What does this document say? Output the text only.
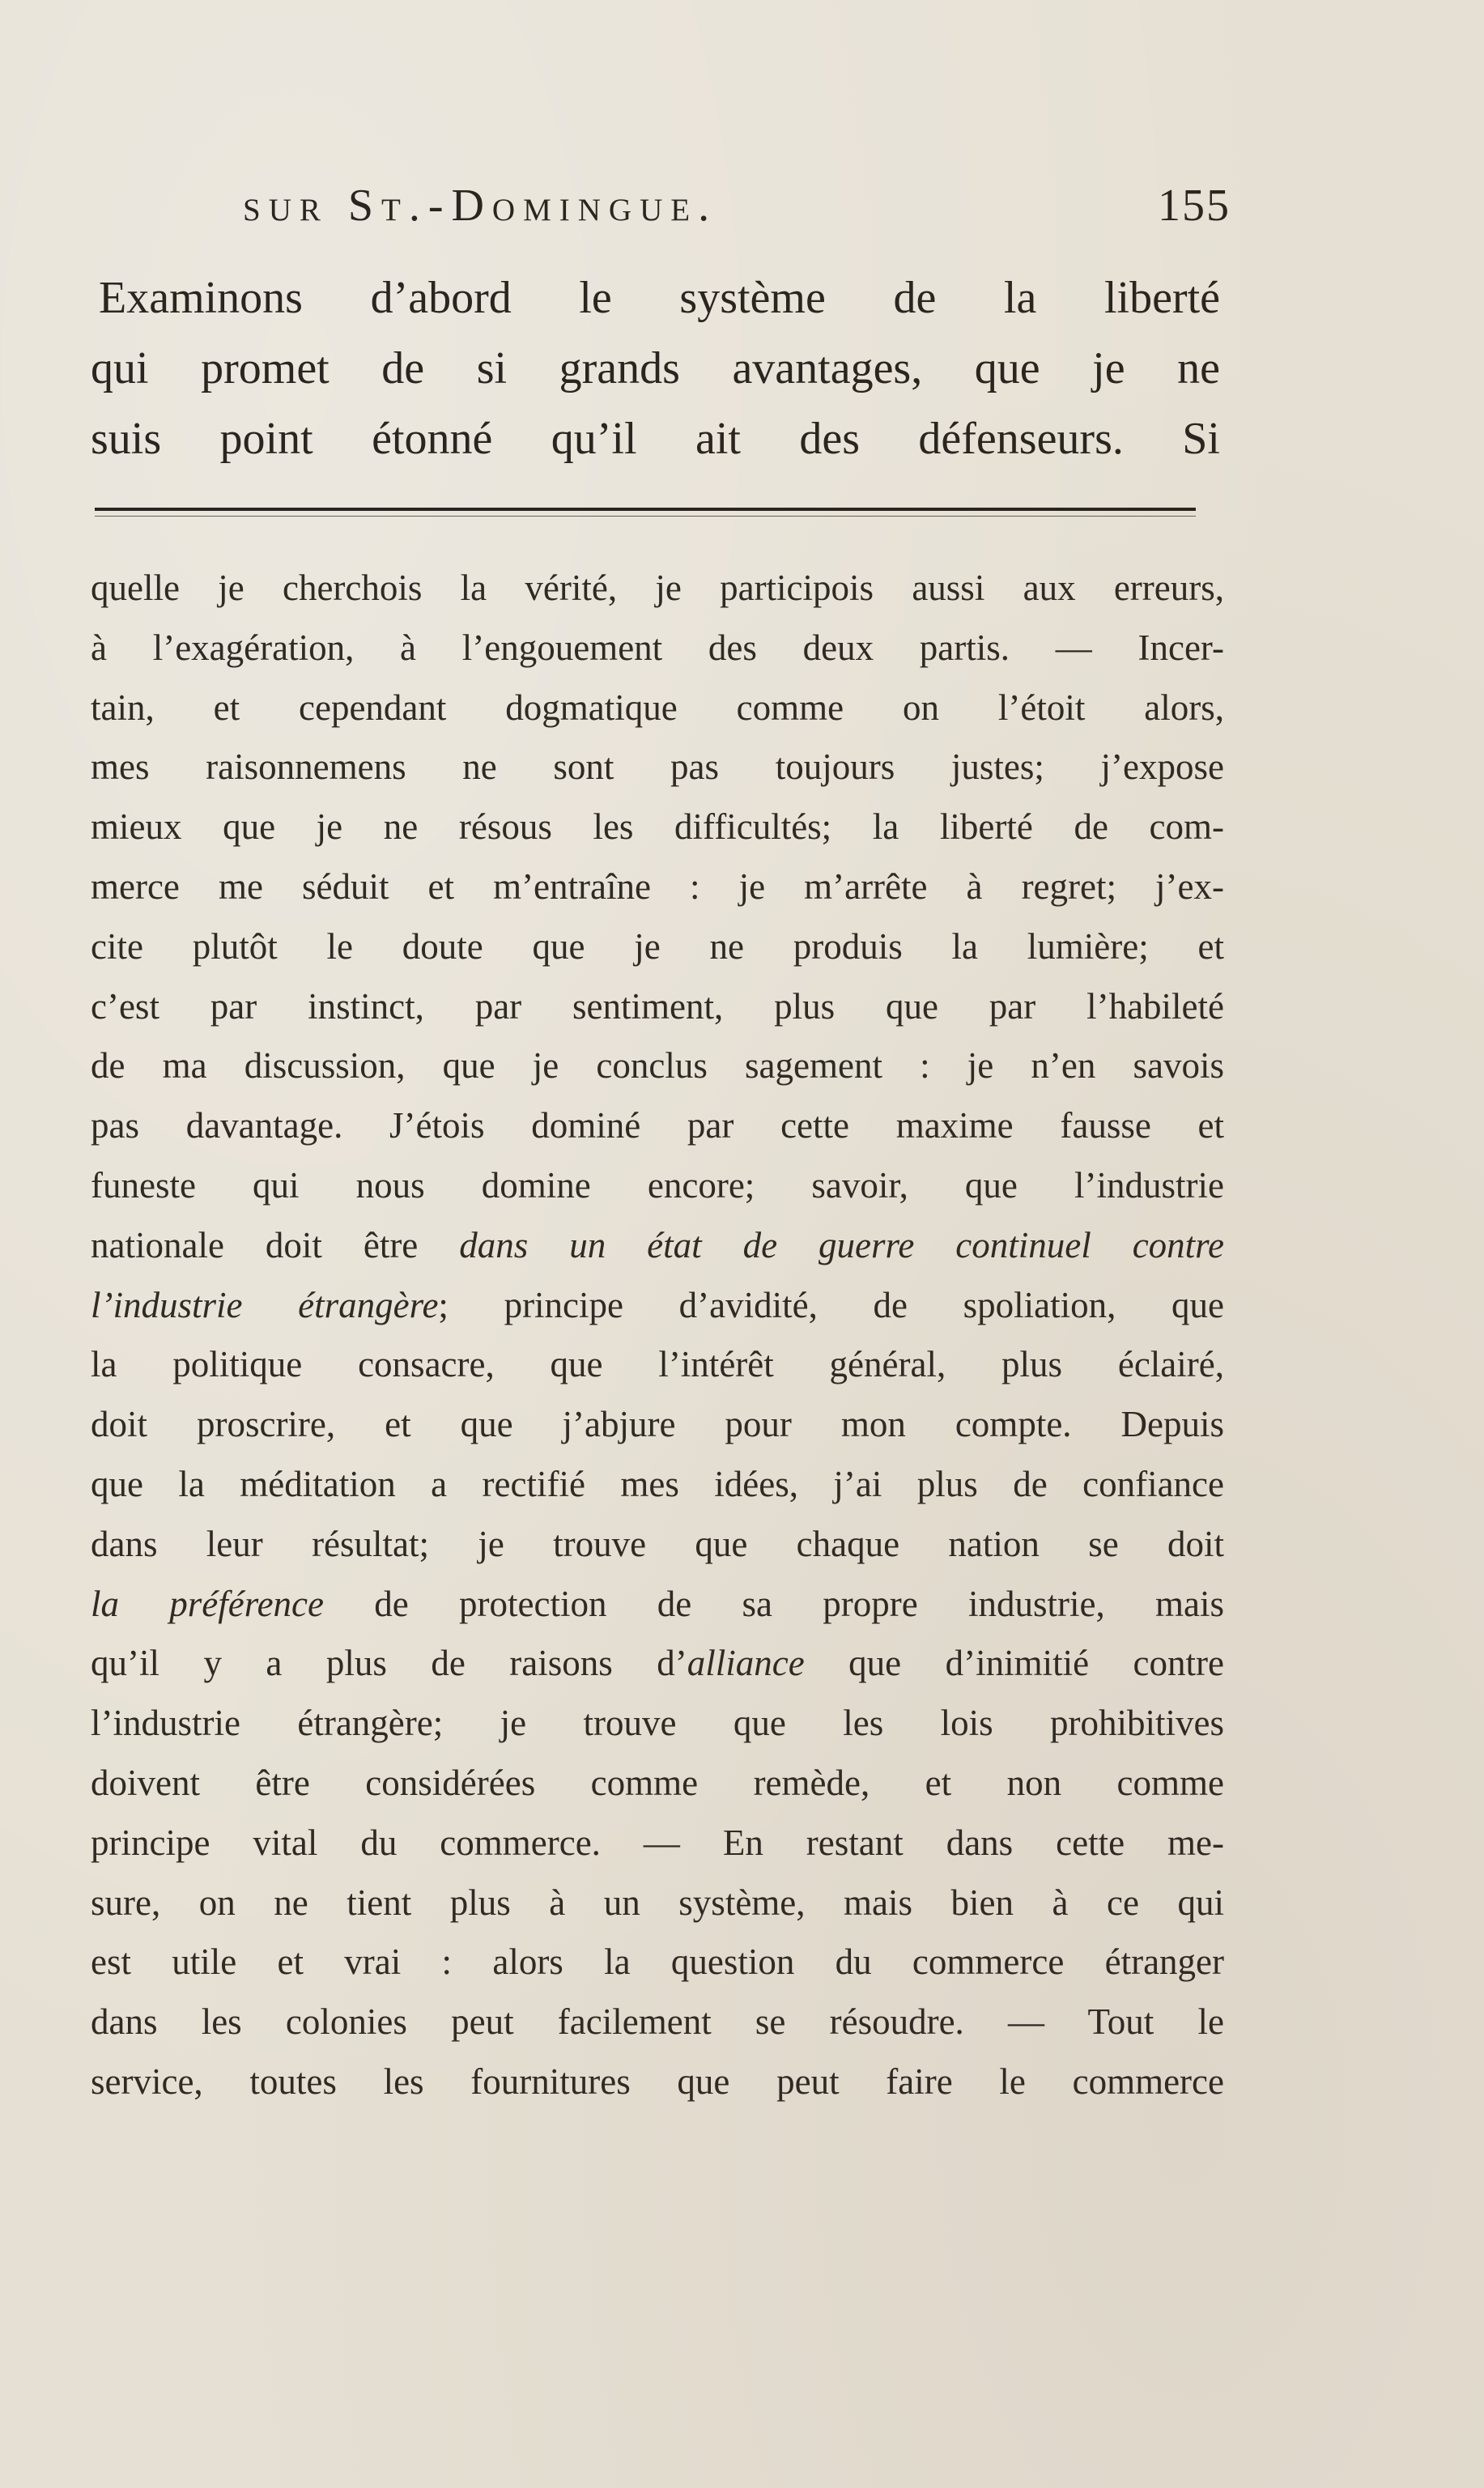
sur St.-Domingue.	155
Examinons d’abord le système de la liberté
qui promet de si grands avantages, que je ne
suis point étonné qu’il ait des défenseurs. Si
quelle je cherchois la vérité, je participois aussi aux erreurs,
à l’exagération, à l’engouement des deux partis. — Incer-
tain, et cependant dogmatique comme on l’étoit alors,
mes raisonnemens ne sont pas toujours justes; j’expose
mieux que je ne résous les difficultés; la liberté de com-
merce me séduit et m’entraîne : je m’arrête à regret; j’ex-
cite plutôt le doute que je ne produis la lumière; et
c’est par instinct, par sentiment, plus que par l’habileté
de ma discussion, que je conclus sagement : je n’en savois
pas davantage. J’étois dominé par cette maxime fausse et
funeste qui nous domine encore; savoir, que l’industrie
nationale doit être dans un état de guerre continuel contre
l’industrie étrangère; principe d’avidité, de spoliation, que
la politique consacre, que l’intérêt général, plus éclairé,
doit proscrire, et que j’abjure pour mon compte. Depuis
que la méditation a rectifié mes idées, j’ai plus de confiance
dans leur résultat; je trouve que chaque nation se doit
la préférence de protection de sa propre industrie, mais
qu’il y a plus de raisons d’alliance que d’inimitié contre
l’industrie étrangère; je trouve que les lois prohibitives
doivent être considérées comme remède, et non comme
principe vital du commerce. — En restant dans cette me-
sure, on ne tient plus à un système, mais bien à ce qui
est utile et vrai : alors la question du commerce étranger
dans les colonies peut facilement se résoudre. — Tout le
service, toutes les fournitures que peut faire le commerce
